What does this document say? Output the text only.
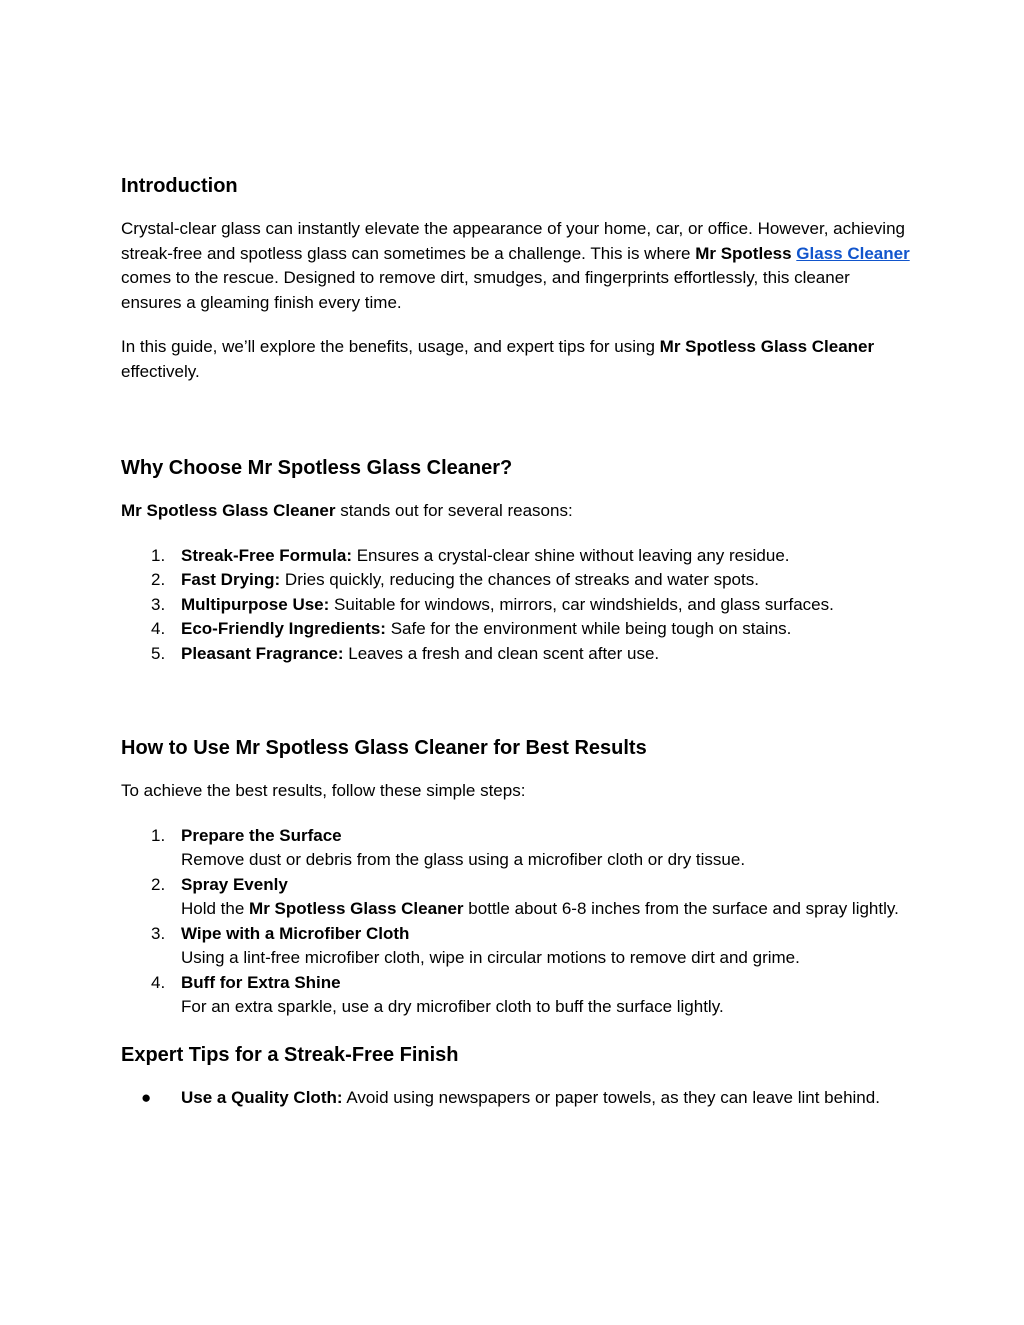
Introduction

Crystal-clear glass can instantly elevate the appearance of your home, car, or office. However, achieving streak-free and spotless glass can sometimes be a challenge. This is where Mr Spotless Glass Cleaner comes to the rescue. Designed to remove dirt, smudges, and fingerprints effortlessly, this cleaner ensures a gleaming finish every time.

In this guide, we’ll explore the benefits, usage, and expert tips for using Mr Spotless Glass Cleaner effectively.

Why Choose Mr Spotless Glass Cleaner?

Mr Spotless Glass Cleaner stands out for several reasons:

1. Streak-Free Formula: Ensures a crystal-clear shine without leaving any residue.
2. Fast Drying: Dries quickly, reducing the chances of streaks and water spots.
3. Multipurpose Use: Suitable for windows, mirrors, car windshields, and glass surfaces.
4. Eco-Friendly Ingredients: Safe for the environment while being tough on stains.
5. Pleasant Fragrance: Leaves a fresh and clean scent after use.
How to Use Mr Spotless Glass Cleaner for Best Results

To achieve the best results, follow these simple steps:

1. Prepare the Surface
Remove dust or debris from the glass using a microfiber cloth or dry tissue.
2. Spray Evenly
Hold the Mr Spotless Glass Cleaner bottle about 6-8 inches from the surface and spray lightly.
3. Wipe with a Microfiber Cloth
Using a lint-free microfiber cloth, wipe in circular motions to remove dirt and grime.
4. Buff for Extra Shine
For an extra sparkle, use a dry microfiber cloth to buff the surface lightly.
Expert Tips for a Streak-Free Finish
● Use a Quality Cloth: Avoid using newspapers or paper towels, as they can leave lint behind.
